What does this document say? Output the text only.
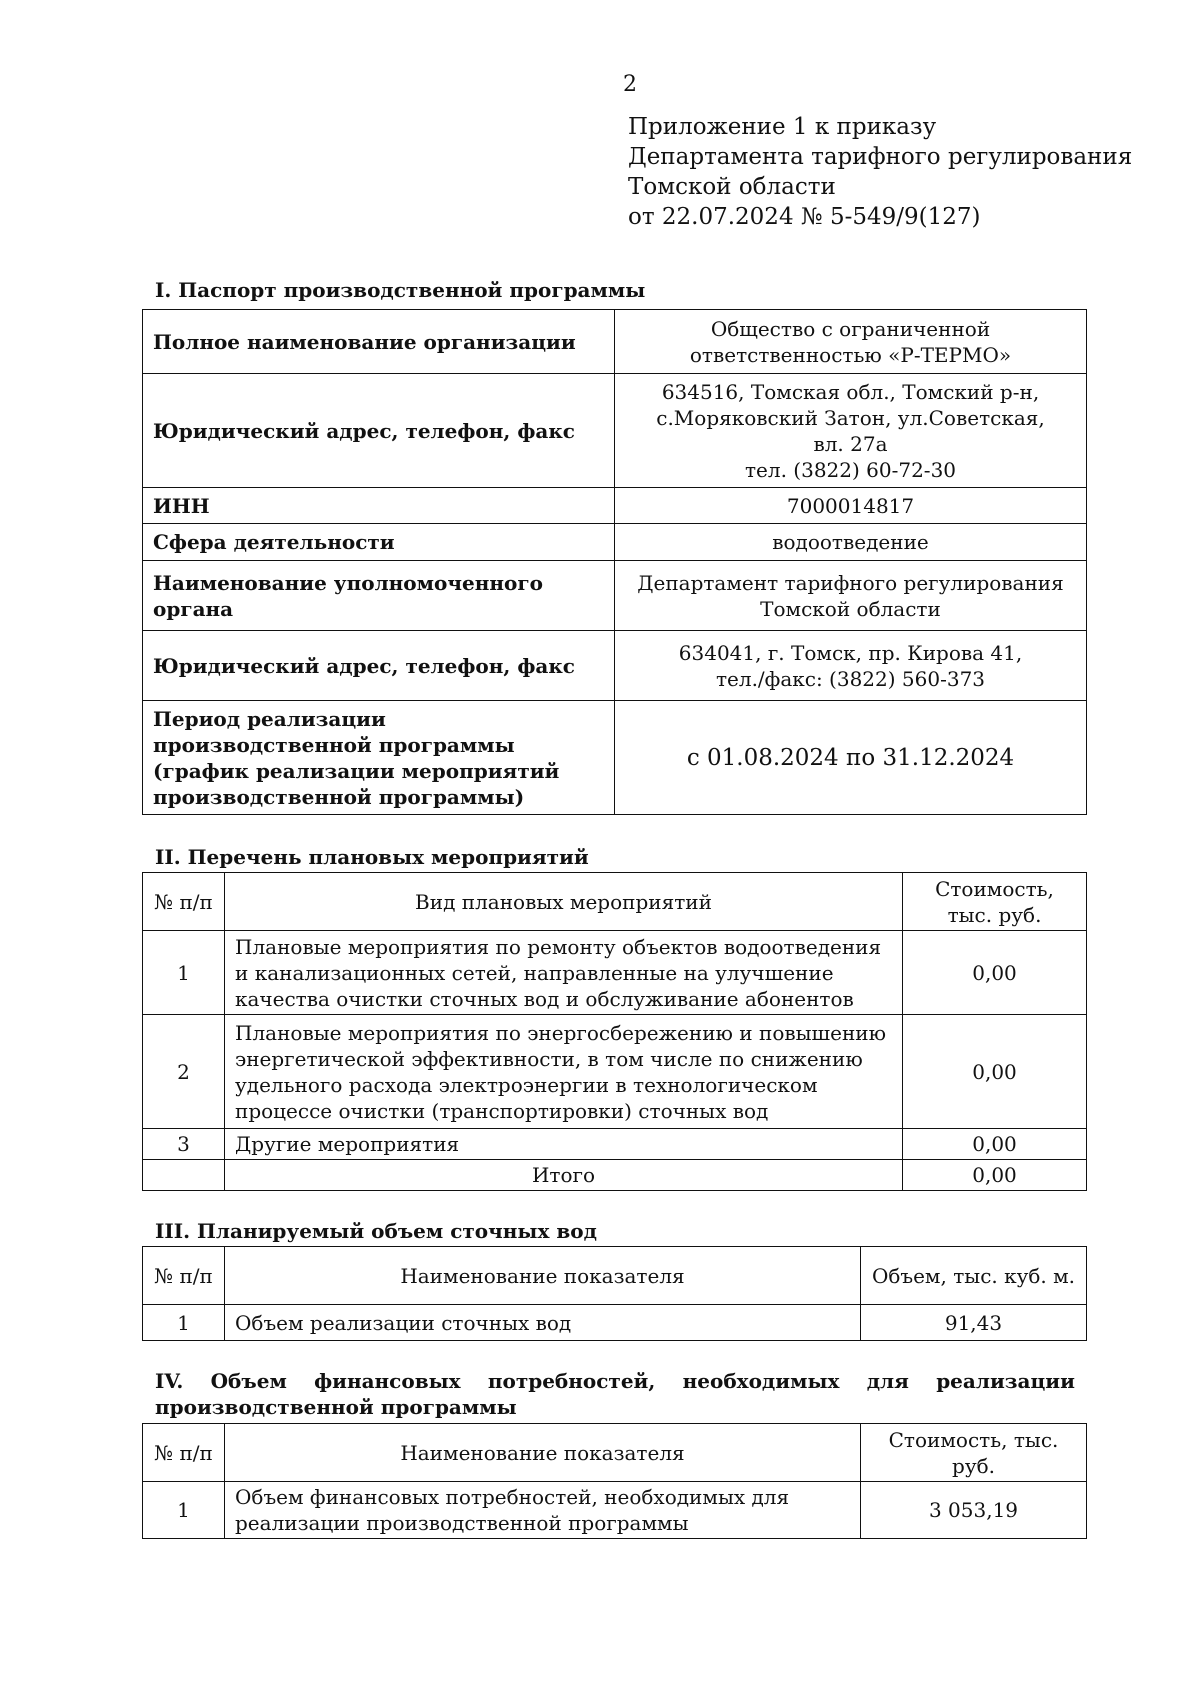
2
Приложение 1 к приказу
Департамента тарифного регулирования
Томской области
от 22.07.2024 № 5-549/9(127)
I. Паспорт производственной программы
Полное наименование организации	Общество с ограниченной
ответственностью «Р-ТЕРМО»

Юридический адрес, телефон, факс	634516, Томская обл., Томский р-н,
с.Моряковский Затон, ул.Советская,
вл. 27а
тел. (3822) 60-72-30

ИНН	7000014817
Сфера деятельности	водоотведение
Наименование уполномоченного органа	Департамент тарифного регулирования
Томской области

Юридический адрес, телефон, факс	634041, г. Томск, пр. Кирова 41,
тел./факс: (3822) 560-373

Период реализации производственной программы (график реализации мероприятий производственной программы)	с 01.08.2024 по 31.12.2024
II. Перечень плановых мероприятий
№ п/п	Вид плановых мероприятий	Стоимость, тыс. руб.
1	Плановые мероприятия по ремонту объектов водоотведения и канализационных сетей, направленные на улучшение качества очистки сточных вод и обслуживание абонентов	0,00
2	Плановые мероприятия по энергосбережению и повышению энергетической эффективности, в том числе по снижению удельного расхода электроэнергии в технологическом процессе очистки (транспортировки) сточных вод	0,00
3	Другие мероприятия	0,00
	Итого	0,00
III. Планируемый объем сточных вод
№ п/п	Наименование показателя	Объем, тыс. куб. м.
1	Объем реализации сточных вод	91,43
IV. Объем финансовых потребностей, необходимых для реализации
производственной программы
№ п/п	Наименование показателя	Стоимость, тыс. руб.
1	Объем финансовых потребностей, необходимых для реализации производственной программы	3 053,19
